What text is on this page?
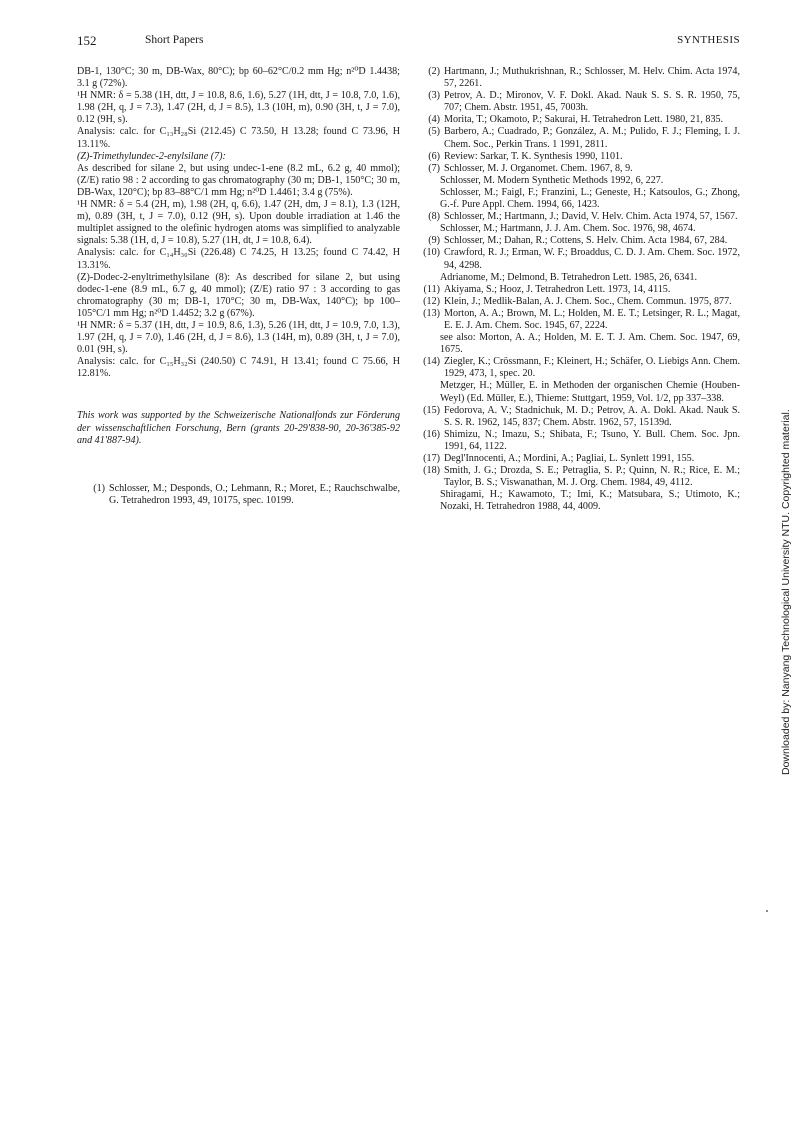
152	Short Papers	SYNTHESIS

DB-1, 130°C; 30 m, DB-Wax, 80°C); bp 60–62°C/0.2 mm Hg; n²⁰D 1.4438; 3.1 g (72%).

¹H NMR: δ = 5.38 (1H, dtt, J = 10.8, 8.6, 1.6), 5.27 (1H, dtt, J = 10.8, 7.0, 1.6), 1.98 (2H, q, J = 7.3), 1.47 (2H, d, J = 8.5), 1.3 (10H, m), 0.90 (3H, t, J = 7.0), 0.12 (9H, s).

Analysis: calc. for C₁₃H₂₈Si (212.45) C 73.50, H 13.28; found C 73.96, H 13.11%.

(Z)-Trimethylundec-2-enylsilane (7):

As described for silane 2, but using undec-1-ene (8.2 mL, 6.2 g, 40 mmol); (Z/E) ratio 98 : 2 according to gas chromatography (30 m; DB-1, 150°C; 30 m, DB-Wax, 120°C); bp 83–88°C/1 mm Hg; n²⁰D 1.4461; 3.4 g (75%).

¹H NMR: δ = 5.4 (2H, m), 1.98 (2H, q, 6.6), 1.47 (2H, dm, J = 8.1), 1.3 (12H, m), 0.89 (3H, t, J = 7.0), 0.12 (9H, s). Upon double irradiation at 1.46 the multiplet assigned to the olefinic hydrogen atoms was simplified to analyzable signals: 5.38 (1H, d, J = 10.8), 5.27 (1H, dt, J = 10.8, 6.4).

Analysis: calc. for C₁₄H₃₀Si (226.48) C 74.25, H 13.25; found C 74.42, H 13.31%.

(Z)-Dodec-2-enyltrimethylsilane (8): As described for silane 2, but using dodec-1-ene (8.9 mL, 6.7 g, 40 mmol); (Z/E) ratio 97 : 3 according to gas chromatography (30 m; DB-1, 170°C; 30 m, DB-Wax, 140°C); bp 100–105°C/1 mm Hg; n²⁰D 1.4452; 3.2 g (67%).

¹H NMR: δ = 5.37 (1H, dtt, J = 10.9, 8.6, 1.3), 5.26 (1H, dtt, J = 10.9, 7.0, 1.3), 1.97 (2H, q, J = 7.0), 1.46 (2H, d, J = 8.6), 1.3 (14H, m), 0.89 (3H, t, J = 7.0), 0.01 (9H, s).

Analysis: calc. for C₁₅H₃₂Si (240.50) C 74.91, H 13.41; found C 75.66, H 12.81%.

This work was supported by the Schweizerische Nationalfonds zur Förderung der wissenschaftlichen Forschung, Bern (grants 20-29'838-90, 20-36'385-92 and 41'887-94).

(1) Schlosser, M.; Desponds, O.; Lehmann, R.; Moret, E.; Rauchschwalbe, G. Tetrahedron 1993, 49, 10175, spec. 10199.
(2) Hartmann, J.; Muthukrishnan, R.; Schlosser, M. Helv. Chim. Acta 1974, 57, 2261.
(3) Petrov, A. D.; Mironov, V. F. Dokl. Akad. Nauk S. S. S. R. 1950, 75, 707; Chem. Abstr. 1951, 45, 7003h.
(4) Morita, T.; Okamoto, P.; Sakurai, H. Tetrahedron Lett. 1980, 21, 835.
(5) Barbero, A.; Cuadrado, P.; González, A. M.; Pulido, F. J.; Fleming, I. J. Chem. Soc., Perkin Trans. 1 1991, 2811.
(6) Review: Sarkar, T. K. Synthesis 1990, 1101.
(7) Schlosser, M. J. Organomet. Chem. 1967, 8, 9.

Schlosser, M. Modern Synthetic Methods 1992, 6, 227.

Schlosser, M.; Faigl, F.; Franzini, L.; Geneste, H.; Katsoulos, G.; Zhong, G.-f. Pure Appl. Chem. 1994, 66, 1423.

(8) Schlosser, M.; Hartmann, J.; David, V. Helv. Chim. Acta 1974, 57, 1567.

Schlosser, M.; Hartmann, J. J. Am. Chem. Soc. 1976, 98, 4674.

(9) Schlosser, M.; Dahan, R.; Cottens, S. Helv. Chim. Acta 1984, 67, 284.
(10) Crawford, R. J.; Erman, W. F.; Broaddus, C. D. J. Am. Chem. Soc. 1972, 94, 4298.

Adrianome, M.; Delmond, B. Tetrahedron Lett. 1985, 26, 6341.

(11) Akiyama, S.; Hooz, J. Tetrahedron Lett. 1973, 14, 4115.
(12) Klein, J.; Medlik-Balan, A. J. Chem. Soc., Chem. Commun. 1975, 877.
(13) Morton, A. A.; Brown, M. L.; Holden, M. E. T.; Letsinger, R. L.; Magat, E. E. J. Am. Chem. Soc. 1945, 67, 2224.

see also: Morton, A. A.; Holden, M. E. T. J. Am. Chem. Soc. 1947, 69, 1675.

(14) Ziegler, K.; Crössmann, F.; Kleinert, H.; Schäfer, O. Liebigs Ann. Chem. 1929, 473, 1, spec. 20.

Metzger, H.; Müller, E. in Methoden der organischen Chemie (Houben-Weyl) (Ed. Müller, E.), Thieme: Stuttgart, 1959, Vol. 1/2, pp 337–338.

(15) Fedorova, A. V.; Stadnichuk, M. D.; Petrov, A. A. Dokl. Akad. Nauk S. S. S. R. 1962, 145, 837; Chem. Abstr. 1962, 57, 15139d.
(16) Shimizu, N.; Imazu, S.; Shibata, F.; Tsuno, Y. Bull. Chem. Soc. Jpn. 1991, 64, 1122.
(17) Degl'Innocenti, A.; Mordini, A.; Pagliai, L. Synlett 1991, 155.
(18) Smith, J. G.; Drozda, S. E.; Petraglia, S. P.; Quinn, N. R.; Rice, E. M.; Taylor, B. S.; Viswanathan, M. J. Org. Chem. 1984, 49, 4112.

Shiragami, H.; Kawamoto, T.; Imi, K.; Matsubara, S.; Utimoto, K.; Nozaki, H. Tetrahedron 1988, 44, 4009.	Downloaded by: Nanyang Technological University NTU. Copyrighted material.
